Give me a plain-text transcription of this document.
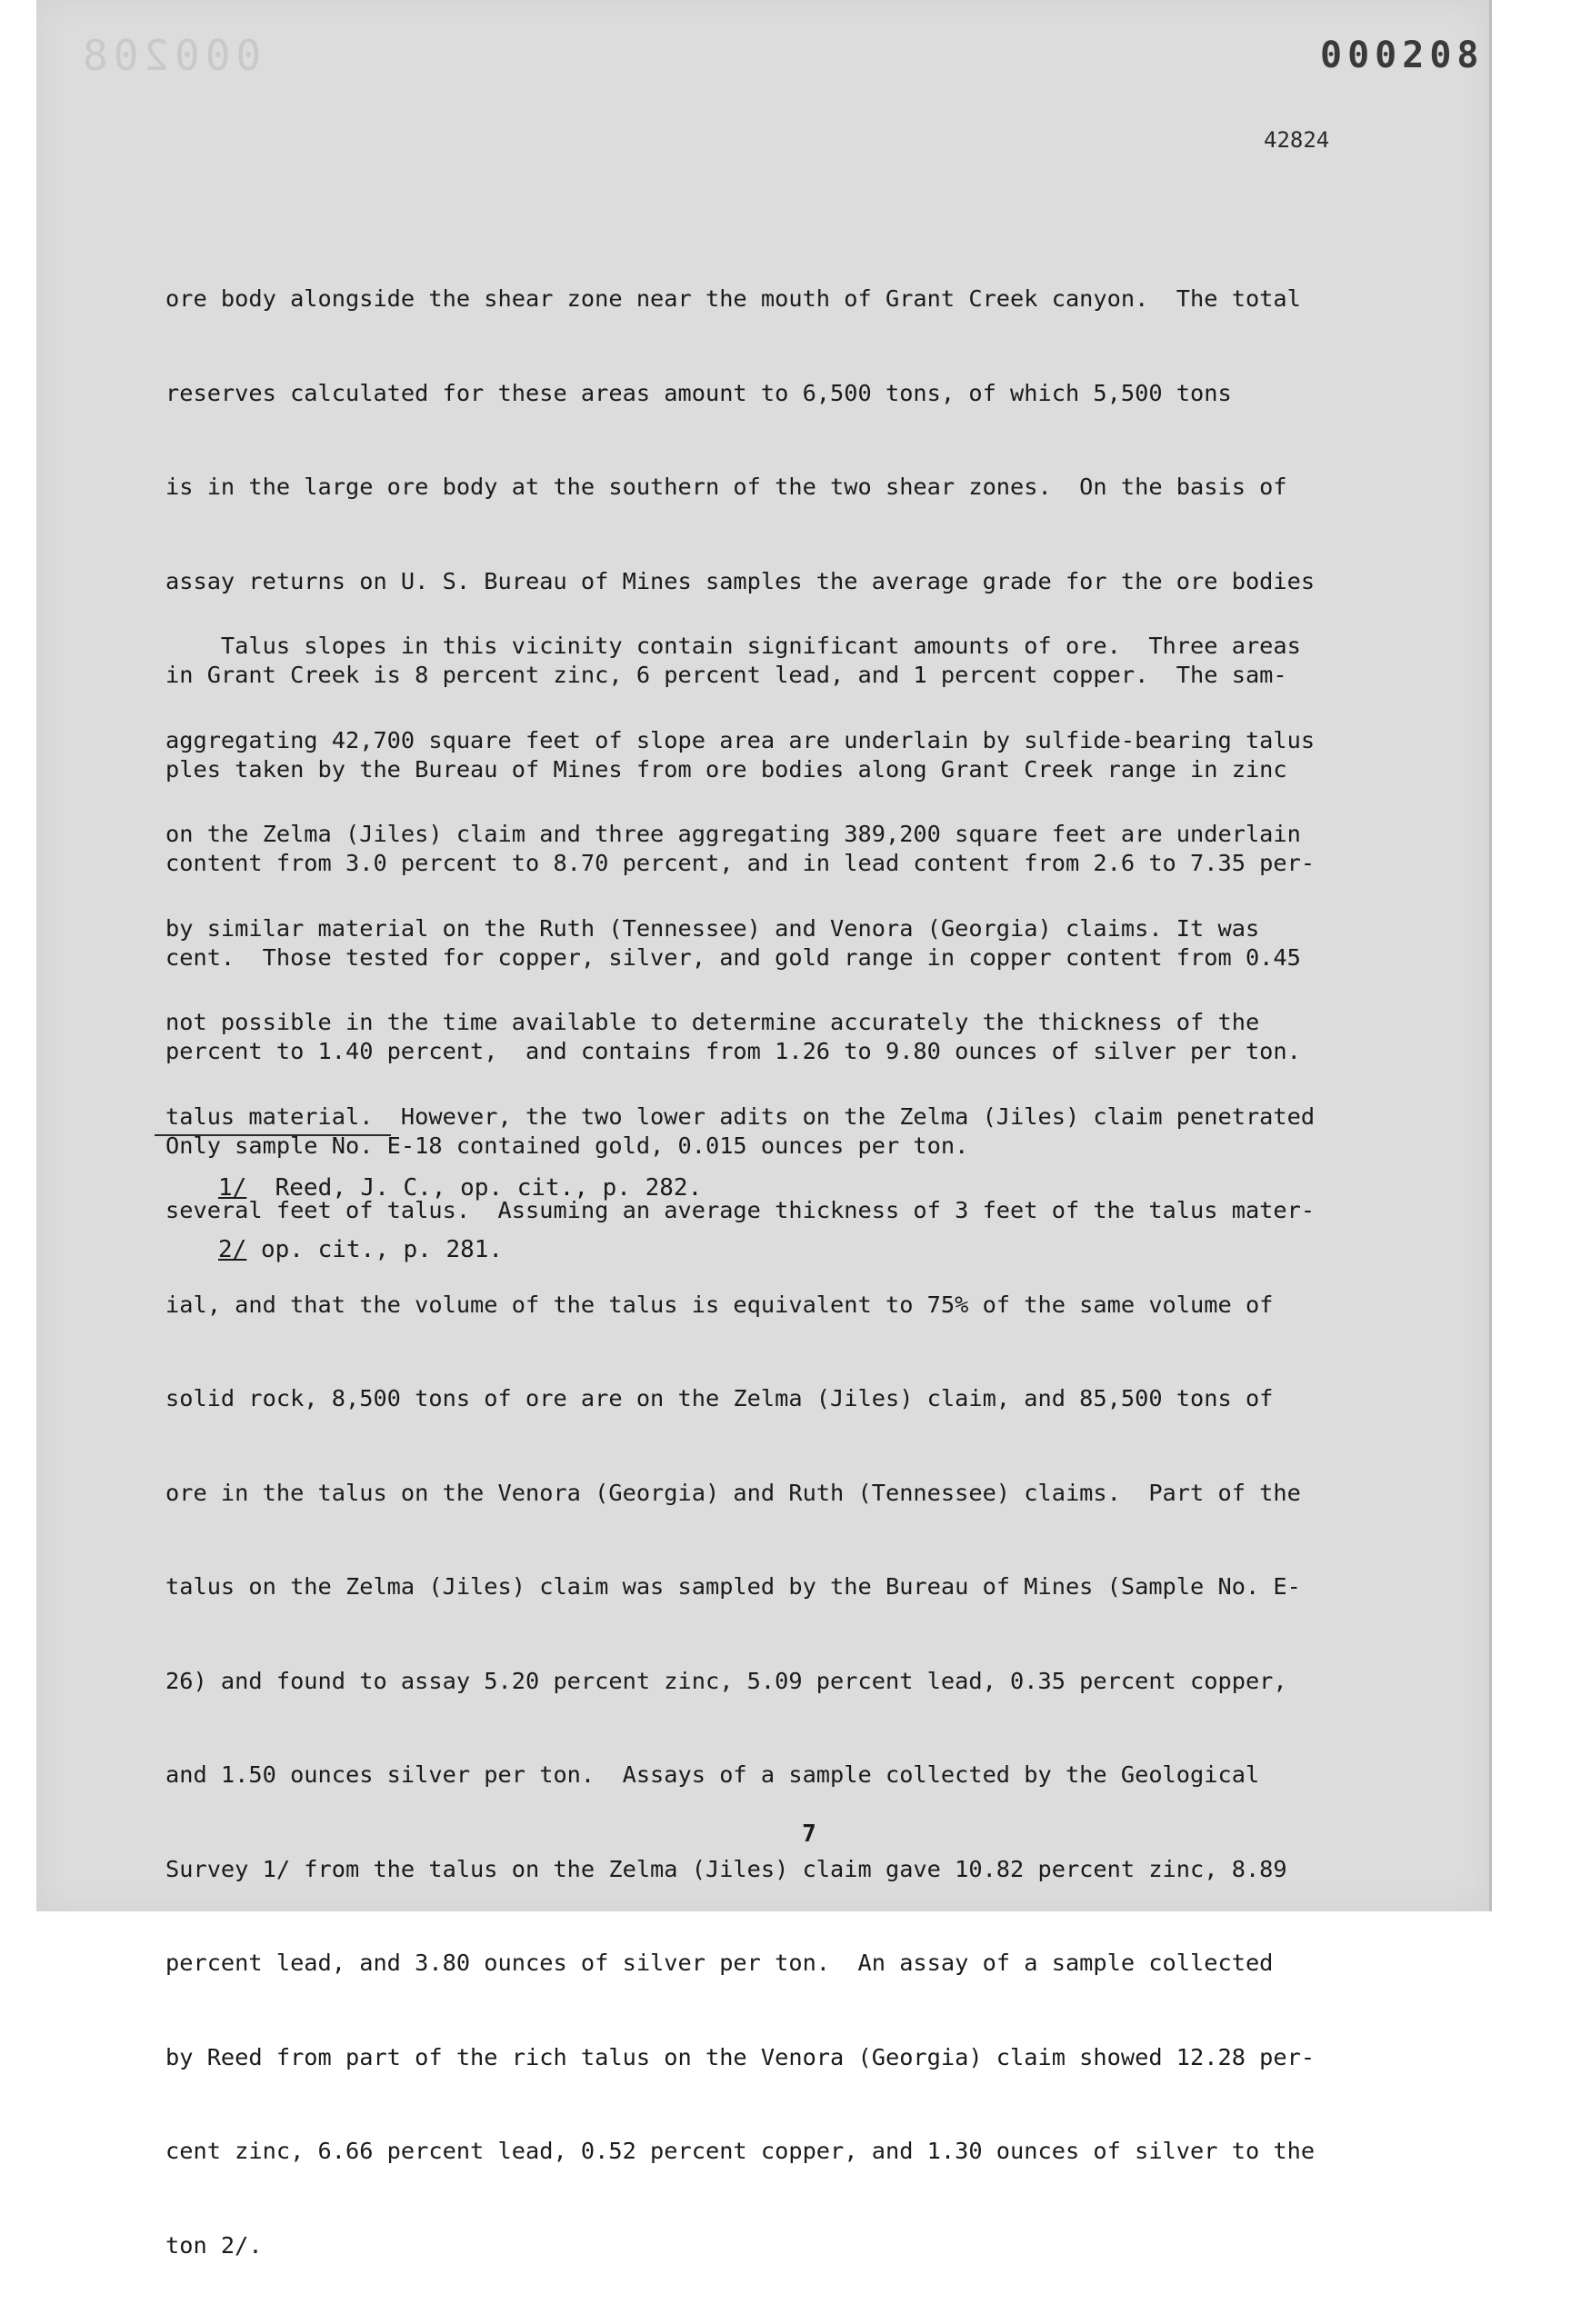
000208	000208
42824

ore body alongside the shear zone near the mouth of Grant Creek canyon.  The total

reserves calculated for these areas amount to 6,500 tons, of which 5,500 tons

is in the large ore body at the southern of the two shear zones.  On the basis of

assay returns on U. S. Bureau of Mines samples the average grade for the ore bodies

in Grant Creek is 8 percent zinc, 6 percent lead, and 1 percent copper.  The sam-

ples taken by the Bureau of Mines from ore bodies along Grant Creek range in zinc

content from 3.0 percent to 8.70 percent, and in lead content from 2.6 to 7.35 per-

cent.  Those tested for copper, silver, and gold range in copper content from 0.45

percent to 1.40 percent,  and contains from 1.26 to 9.80 ounces of silver per ton.

Only sample No. E-18 contained gold, 0.015 ounces per ton.

Talus slopes in this vicinity contain significant amounts of ore.  Three areas

aggregating 42,700 square feet of slope area are underlain by sulfide-bearing talus

on the Zelma (Jiles) claim and three aggregating 389,200 square feet are underlain

by similar material on the Ruth (Tennessee) and Venora (Georgia) claims. It was

not possible in the time available to determine accurately the thickness of the

talus material.  However, the two lower adits on the Zelma (Jiles) claim penetrated

several feet of talus.  Assuming an average thickness of 3 feet of the talus mater-

ial, and that the volume of the talus is equivalent to 75% of the same volume of

solid rock, 8,500 tons of ore are on the Zelma (Jiles) claim, and 85,500 tons of

ore in the talus on the Venora (Georgia) and Ruth (Tennessee) claims.  Part of the

talus on the Zelma (Jiles) claim was sampled by the Bureau of Mines (Sample No. E-

26) and found to assay 5.20 percent zinc, 5.09 percent lead, 0.35 percent copper,

and 1.50 ounces silver per ton.  Assays of a sample collected by the Geological

Survey 1/ from the talus on the Zelma (Jiles) claim gave 10.82 percent zinc, 8.89

percent lead, and 3.80 ounces of silver per ton.  An assay of a sample collected

by Reed from part of the rich talus on the Venora (Georgia) claim showed 12.28 per-

cent zinc, 6.66 percent lead, 0.52 percent copper, and 1.30 ounces of silver to the

ton 2/.

1/  Reed, J. C., op. cit., p. 282.
2/ op. cit., p. 281.
7
